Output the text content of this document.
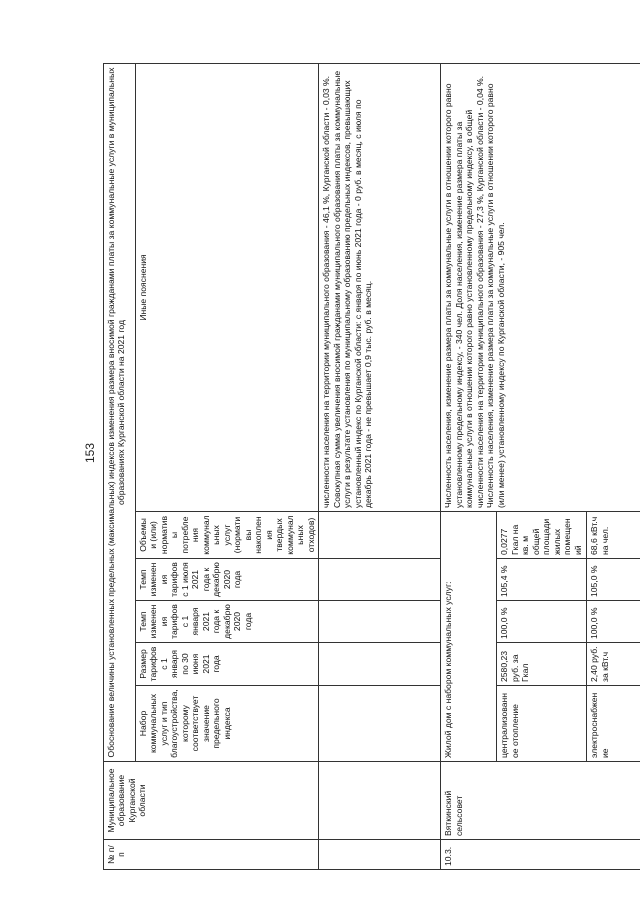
153
№ п/п	Муниципальное образование Курганской области	Обоснование величины установленных предельных (максимальных) индексов изменения размера вносимой гражданами платы за коммунальные услуги в муниципальных образованиях Курганской области на 2021 год					
		Набор коммунальных услуг и тип благоустройства, которому соответствует значение предельного индекса	Размер тарифов с 1 января по 30 июня 2021 года	Темп изменения тарифов с 1 января 2021 года к декабрю 2020 года	Темп изменения тарифов с 1 июля 2021 года к декабрю 2020 года	Объемы и (или) нормативы потребления коммунальных услуг (нормативы накопления твердых коммунальных отходов)	Иные пояснения
							численности населения на территории муниципального образования - 46,1 %, Курганской области - 0,03 %. Совокупная сумма увеличения вносимой гражданами муниципального образования платы за коммунальные услуги в результате установления по муниципальному образованию предельных индексов, превышающих установленный индекс по Курганской области: с января по июнь 2021 года - 0 руб. в месяц, с июля по декабрь 2021 года - не превышает 0,9 тыс. руб. в месяц.
10.3.	Вяткинский сельсовет	Жилой дом с набором коммунальных услуг:					Численность населения, изменение размера платы за коммунальные услуги в отношении которого равно установленному предельному индексу, - 340 чел. Доля населения, изменение размера платы за коммунальные услуги в отношении которого равно установленному предельному индексу, в общей численности населения на территории муниципального образования - 27,3 %, Курганской области - 0,04 %. Численность населения, изменение размера платы за коммунальные услуги в отношении которого равно (или менее) установленному индексу по Курганской области, - 905 чел.
		централизованное отопление	2580,23 руб. за Гкал	100,0 %	105,4 %	0,0277 Гкал на кв. м общей площади жилых помещений	
		электроснабжение	2,40 руб. за кВт.ч	100,0 %	105,0 %	68,6 кВт.ч на чел.	
